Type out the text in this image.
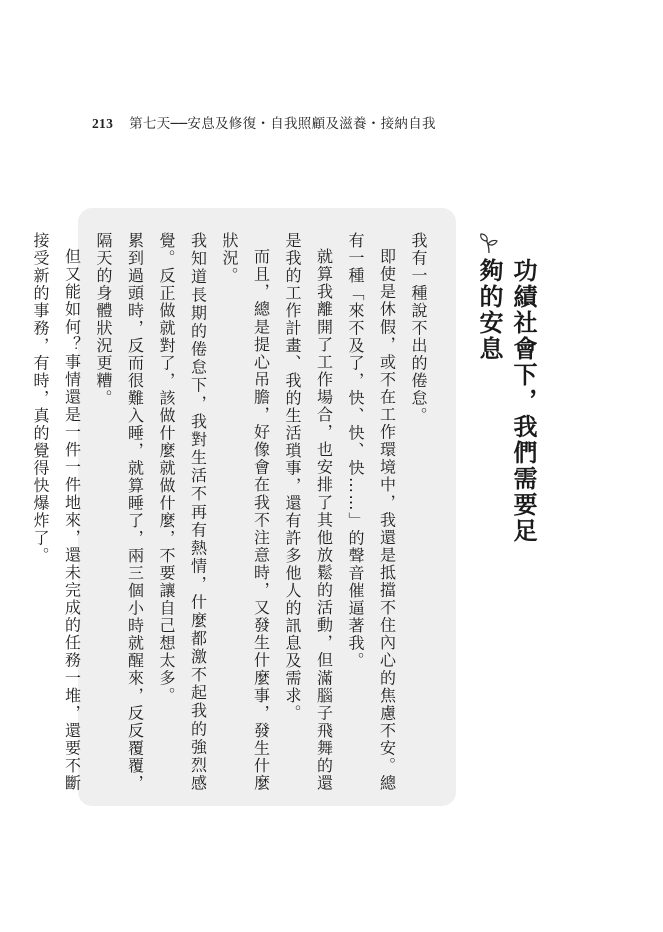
213 第七天──安息及修復・自我照顧及滋養・接納自我
功績社會下，我們需要足夠的安息

我有一種說不出的倦怠。

即使是休假，或不在工作環境中，我還是抵擋不住內心的焦慮不安。總有一種「來不及了，快、快、快……」的聲音催逼著我。

就算我離開了工作場合，也安排了其他放鬆的活動，但滿腦子飛舞的還是我的工作計畫、我的生活瑣事，還有許多他人的訊息及需求。

而且，總是提心吊膽，好像會在我不注意時，又發生什麼事，發生什麼狀況。

我知道長期的倦怠下，我對生活不再有熱情，什麼都激不起我的強烈感覺。反正做就對了，該做什麼就做什麼，不要讓自己想太多。

累到過頭時，反而很難入睡，就算睡了，兩三個小時就醒來，反反覆覆，隔天的身體狀況更糟。

但又能如何？事情還是一件一件地來，還未完成的任務一堆，還要不斷接受新的事務，有時，真的覺得快爆炸了。
